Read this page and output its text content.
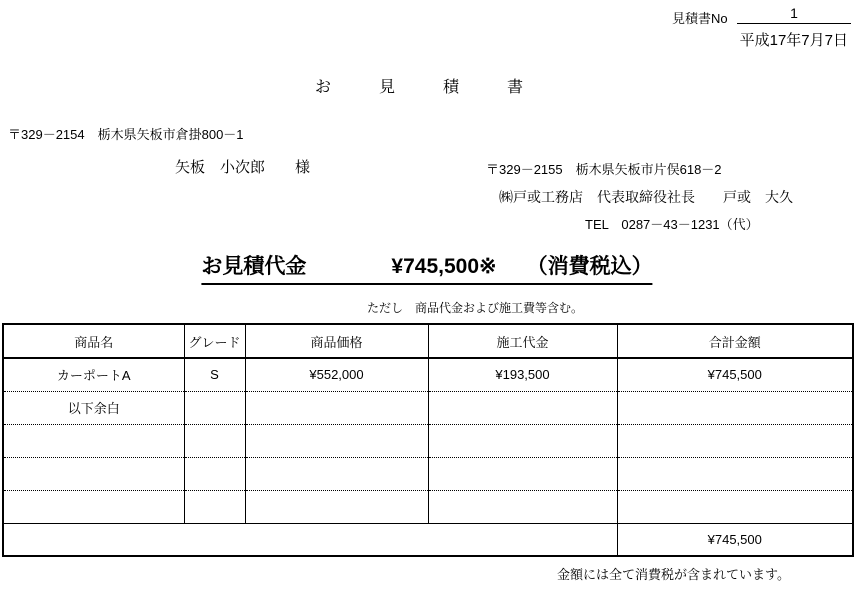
見積書No	1
平成17年7月7日
お　見　積　書
〒329－2154　栃木県矢板市倉掛800－1
矢板　小次郎　　様	〒329－2155　栃木県矢板市片俣618－2
㈱戸或工務店　代表取締役社長　　戸或　大久
TEL　0287－43－1231（代）
お見積代金	¥745,500※ （消費税込）
ただし　商品代金および施工費等含む。
商品名	グレード	商品価格	施工代金	合計金額
カーポートA	S	¥552,000	¥193,500	¥745,500
以下余白				

				¥745,500
金額には全て消費税が含まれています。
